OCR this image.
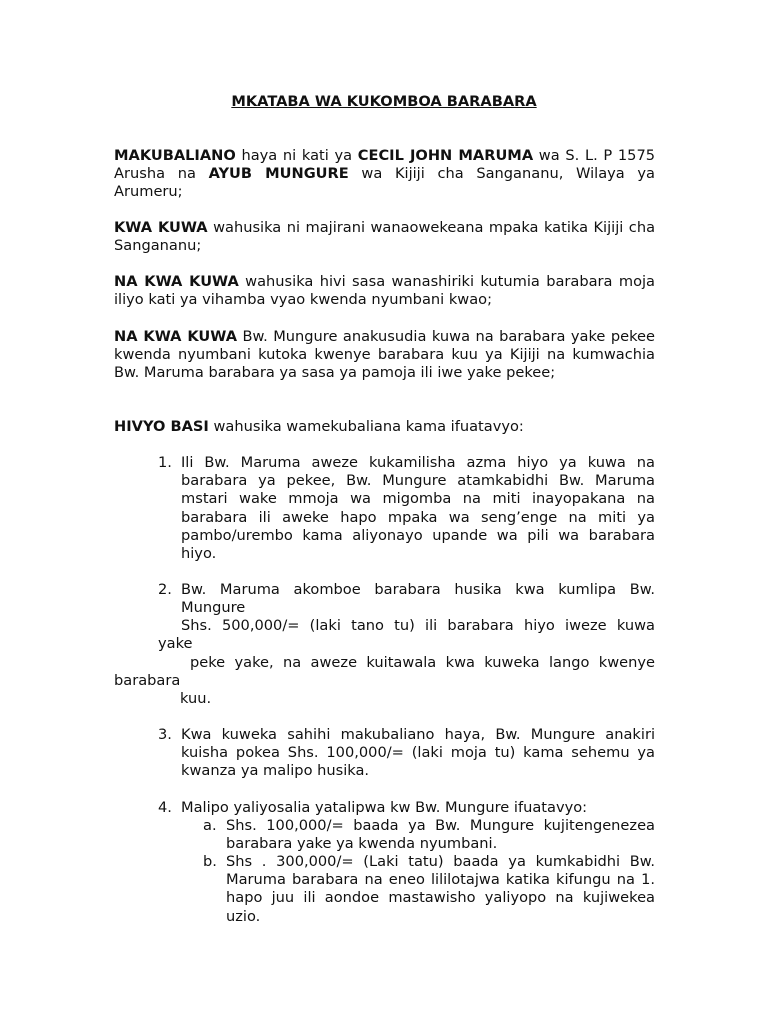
MKATABA WA KUKOMBOA BARABARA

MAKUBALIANO haya ni kati ya CECIL JOHN MARUMA wa S. L. P 1575 Arusha na AYUB MUNGURE wa Kijiji cha Sangananu, Wilaya ya Arumeru;

KWA KUWA wahusika ni majirani wanaowekeana mpaka katika Kijiji cha Sangananu;

NA KWA KUWA wahusika hivi sasa wanashiriki kutumia barabara moja iliyo kati ya vihamba vyao kwenda nyumbani kwao;

NA KWA KUWA Bw. Mungure anakusudia kuwa na barabara yake pekee kwenda nyumbani kutoka kwenye barabara kuu ya Kijiji na kumwachia Bw. Maruma barabara ya sasa ya pamoja ili iwe yake pekee;

HIVYO BASI wahusika wamekubaliana kama ifuatavyo:

1. Ili Bw. Maruma aweze kukamilisha azma hiyo ya kuwa na barabara ya pekee, Bw. Mungure atamkabidhi Bw. Maruma mstari wake mmoja wa migomba na miti inayopakana na barabara ili aweke hapo mpaka wa seng’enge na miti ya pambo/urembo kama aliyonayo upande wa pili wa barabara hiyo.
2. Bw. Maruma akomboe barabara husika kwa kumlipa Bw.
Mungure
Shs. 500,000/= (laki tano tu) ili barabara hiyo iweze kuwa
yake
peke yake, na aweze kuitawala kwa kuweka lango kwenye
barabara
kuu.
3. Kwa kuweka sahihi makubaliano haya, Bw. Mungure anakiri kuisha pokea Shs. 100,000/= (laki moja tu) kama sehemu ya kwanza ya malipo husika.
4. Malipo yaliyosalia yatalipwa kw Bw. Mungure ifuatavyo:
a. Shs. 100,000/= baada ya Bw. Mungure kujitengenezea barabara yake ya kwenda nyumbani.
b. Shs . 300,000/= (Laki tatu) baada ya kumkabidhi Bw. Maruma barabara na eneo lililotajwa katika kifungu na 1. hapo juu ili aondoe mastawisho yaliyopo na kujiwekea uzio.
